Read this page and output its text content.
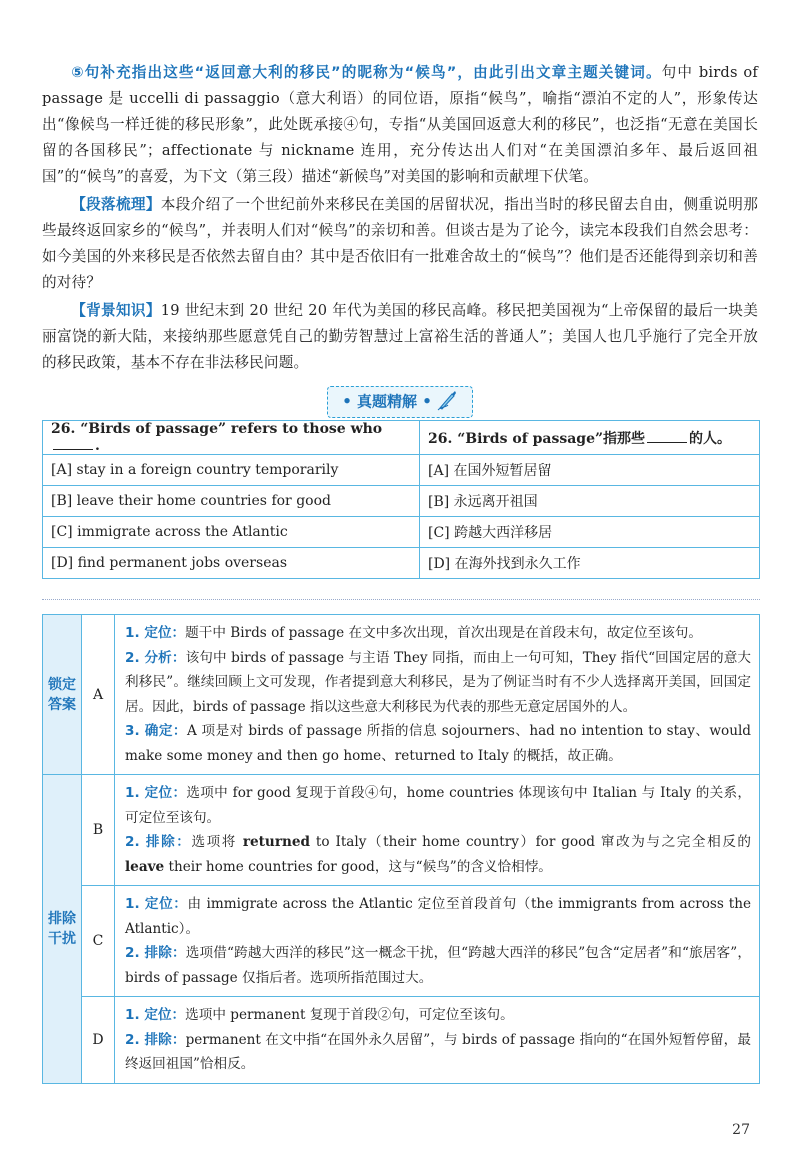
⑤句补充指出这些“返回意大利的移民”的昵称为“候鸟”，由此引出文章主题关键词。句中 birds of passage 是 uccelli di passaggio（意大利语）的同位语，原指“候鸟”，喻指“漂泊不定的人”，形象传达出“像候鸟一样迁徙的移民形象”，此处既承接④句，专指“从美国回返意大利的移民”，也泛指“无意在美国长留的各国移民”；affectionate 与 nickname 连用，充分传达出人们对“在美国漂泊多年、最后返回祖国”的“候鸟”的喜爱，为下文（第三段）描述“新候鸟”对美国的影响和贡献埋下伏笔。

【段落梳理】本段介绍了一个世纪前外来移民在美国的居留状况，指出当时的移民留去自由，侧重说明那些最终返回家乡的“候鸟”，并表明人们对“候鸟”的亲切和善。但谈古是为了论今，读完本段我们自然会思考：如今美国的外来移民是否依然去留自由？其中是否依旧有一批难舍故土的“候鸟”？他们是否还能得到亲切和善的对待？

【背景知识】19 世纪末到 20 世纪 20 年代为美国的移民高峰。移民把美国视为“上帝保留的最后一块美丽富饶的新大陆，来接纳那些愿意凭自己的勤劳智慧过上富裕生活的普通人”；美国人也几乎施行了完全开放的移民政策，基本不存在非法移民问题。

• 真题精解 •
26. “Birds of passage” refers to those who .	26. “Birds of passage”指那些 的人。
[A] stay in a foreign country temporarily	[A] 在国外短暂居留
[B] leave their home countries for good	[B] 永远离开祖国
[C] immigrate across the Atlantic	[C] 跨越大西洋移居
[D] find permanent jobs overseas	[D] 在海外找到永久工作
锁定答案	A	1. 定位：题干中 Birds of passage 在文中多次出现，首次出现是在首段末句，故定位至该句。
2. 分析：该句中 birds of passage 与主语 They 同指，而由上一句可知，They 指代“回国定居的意大利移民”。继续回顾上文可发现，作者提到意大利移民，是为了例证当时有不少人选择离开美国，回国定居。因此，birds of passage 指以这些意大利移民为代表的那些无意定居国外的人。
3. 确定：A 项是对 birds of passage 所指的信息 sojourners、had no intention to stay、would make some money and then go home、returned to Italy 的概括，故正确。

排除干扰	B	1. 定位：选项中 for good 复现于首段④句，home countries 体现该句中 Italian 与 Italy 的关系，可定位至该句。
2. 排除：选项将 returned to Italy（their home country）for good 窜改为与之完全相反的 leave their home countries for good，这与“候鸟”的含义恰相悖。

	C	1. 定位：由 immigrate across the Atlantic 定位至首段首句（the immigrants from across the Atlantic）。
2. 排除：选项借“跨越大西洋的移民”这一概念干扰，但“跨越大西洋的移民”包含“定居者”和“旅居客”，birds of passage 仅指后者。选项所指范围过大。

	D	1. 定位：选项中 permanent 复现于首段②句，可定位至该句。
2. 排除：permanent 在文中指“在国外永久居留”，与 birds of passage 指向的“在国外短暂停留，最终返回祖国”恰相反。
27
